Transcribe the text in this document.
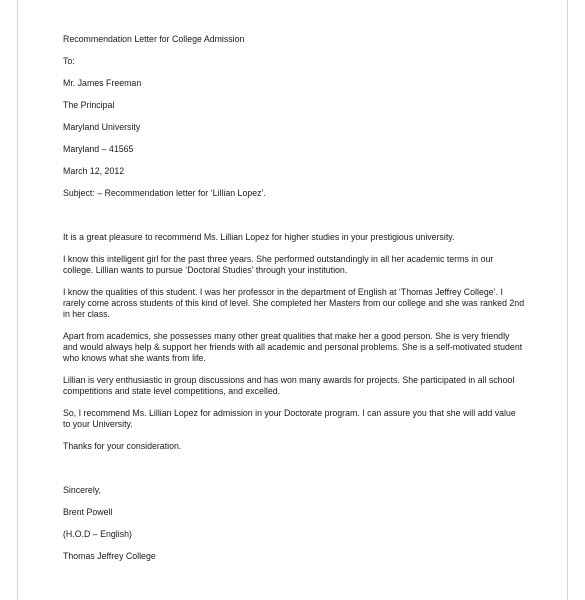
Recommendation Letter for College Admission
To:
Mr. James Freeman
The Principal
Maryland University
Maryland – 41565
March 12, 2012
Subject: – Recommendation letter for ‘Lillian Lopez’.
It is a great pleasure to recommend Ms. Lillian Lopez for higher studies in your prestigious university.
I know this intelligent girl for the past three years. She performed outstandingly in all her academic terms in our college. Lillian wants to pursue ‘Doctoral Studies’ through your institution.
I know the qualities of this student. I was her professor in the department of English at ‘Thomas Jeffrey College’. I rarely come across students of this kind of level. She completed her Masters from our college and she was ranked 2nd in her class.
Apart from academics, she possesses many other great qualities that make her a good person. She is very friendly and would always help & support her friends with all academic and personal problems. She is a self-motivated student who knows what she wants from life.
Lillian is very enthusiastic in group discussions and has won many awards for projects. She participated in all school competitions and state level competitions, and excelled.
So, I recommend Ms. Lillian Lopez for admission in your Doctorate program. I can assure you that she will add value to your University.
Thanks for your consideration.
Sincerely,
Brent Powell
(H.O.D – English)
Thomas Jeffrey College
